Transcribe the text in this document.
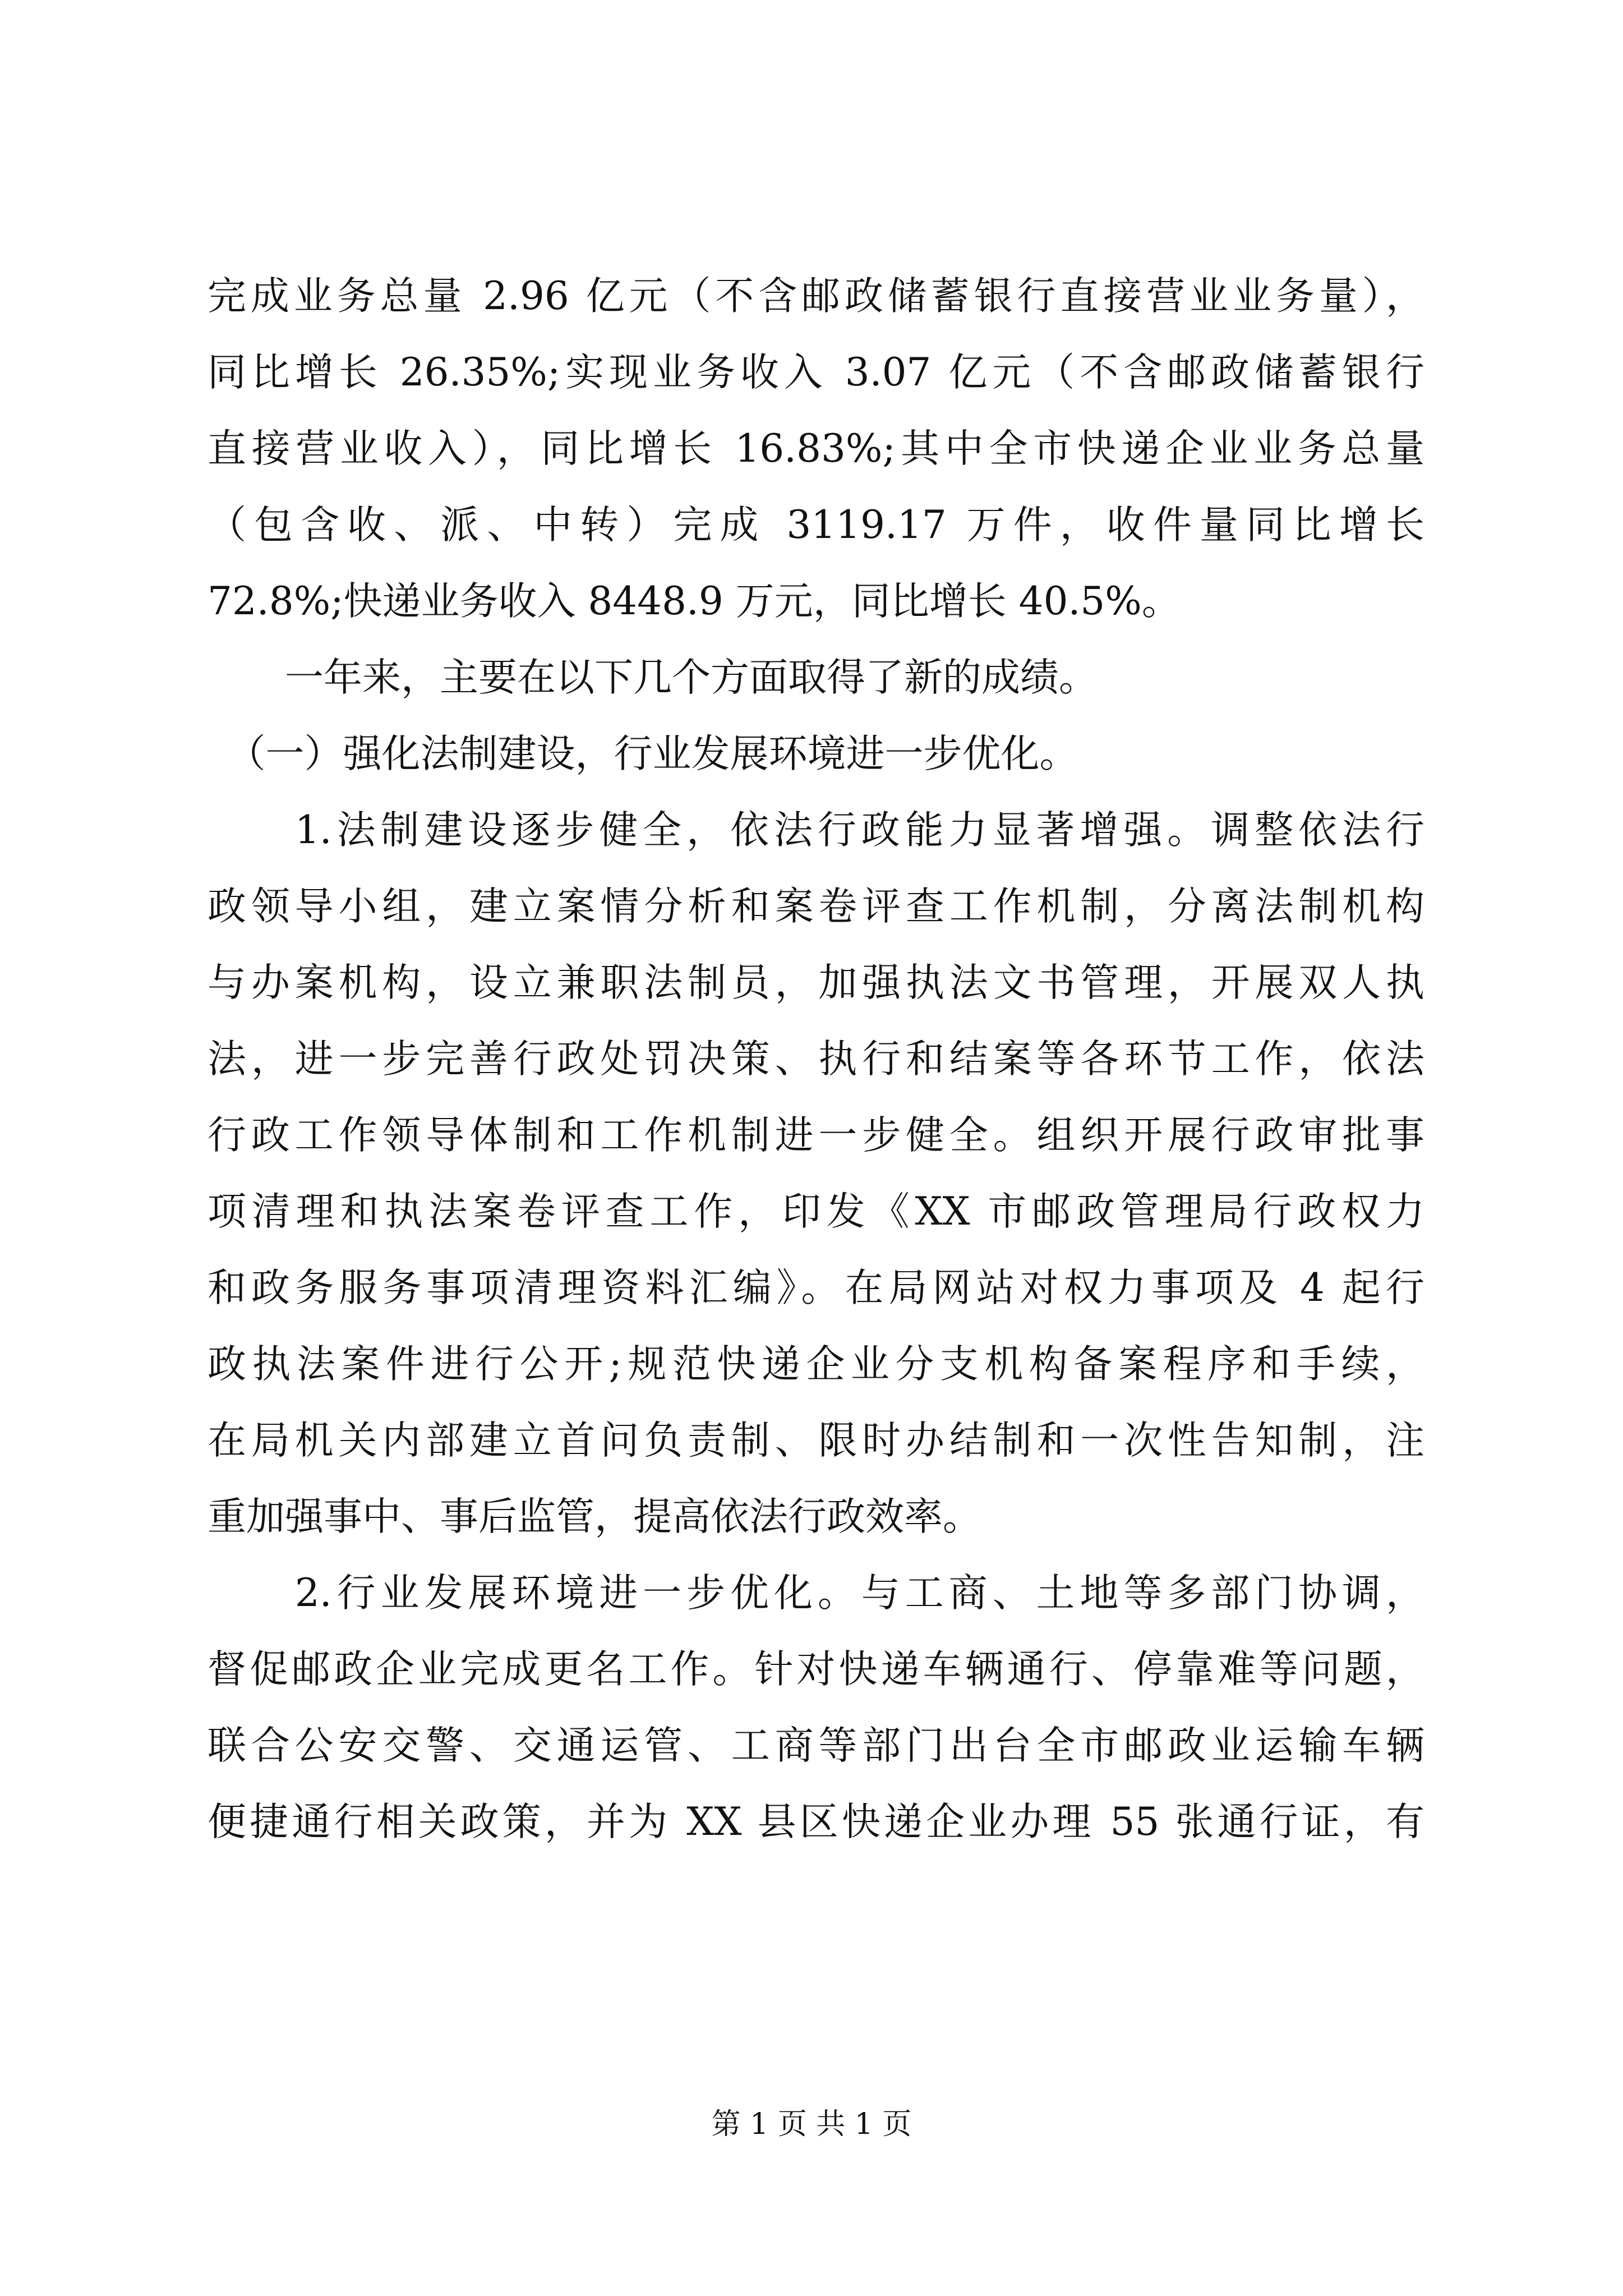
完成业务总量 2.96 亿元（不含邮政储蓄银行直接营业业务量），
同比增长 26.35%;实现业务收入 3.07 亿元（不含邮政储蓄银行
直接营业收入），同比增长 16.83%;其中全市快递企业业务总量
（包含收、派、中转）完成 3119.17 万件，收件量同比增长
72.8%;快递业务收入 8448.9 万元，同比增长 40.5%。
　　一年来，主要在以下几个方面取得了新的成绩。
　（一）强化法制建设，行业发展环境进一步优化。
　　1.法制建设逐步健全，依法行政能力显著增强。调整依法行
政领导小组，建立案情分析和案卷评查工作机制，分离法制机构
与办案机构，设立兼职法制员，加强执法文书管理，开展双人执
法，进一步完善行政处罚决策、执行和结案等各环节工作，依法
行政工作领导体制和工作机制进一步健全。组织开展行政审批事
项清理和执法案卷评查工作，印发《XX 市邮政管理局行政权力
和政务服务事项清理资料汇编》。在局网站对权力事项及 4 起行
政执法案件进行公开;规范快递企业分支机构备案程序和手续，
在局机关内部建立首问负责制、限时办结制和一次性告知制，注
重加强事中、事后监管，提高依法行政效率。
　　2.行业发展环境进一步优化。与工商、土地等多部门协调，
督促邮政企业完成更名工作。针对快递车辆通行、停靠难等问题，
联合公安交警、交通运管、工商等部门出台全市邮政业运输车辆
便捷通行相关政策，并为 XX 县区快递企业办理 55 张通行证，有
第 1 页 共 1 页
